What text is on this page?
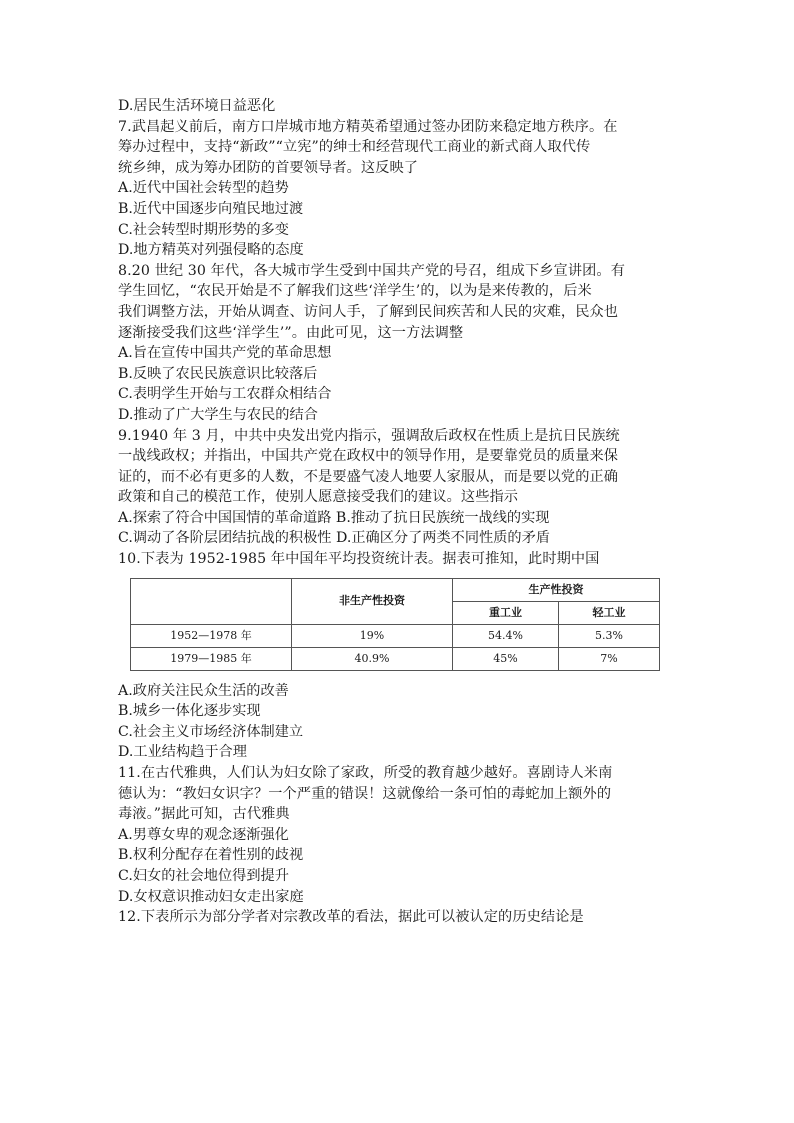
D.居民生活环境日益恶化
7.武昌起义前后，南方口岸城市地方精英希望通过签办团防来稳定地方秩序。在
筹办过程中，支持“新政”“立宪”的绅士和经营现代工商业的新式商人取代传
统乡绅，成为筹办团防的首要领导者。这反映了
A.近代中国社会转型的趋势
B.近代中国逐步向殖民地过渡
C.社会转型时期形势的多变
D.地方精英对列强侵略的态度
8.20 世纪 30 年代，各大城市学生受到中国共产党的号召，组成下乡宣讲团。有
学生回忆，“农民开始是不了解我们这些‘洋学生’的，以为是来传教的，后米
我们调整方法，开始从调查、访问人手，了解到民间疾苦和人民的灾难，民众也
逐渐接受我们这些‘洋学生’”。由此可见，这一方法调整
A.旨在宣传中国共产党的革命思想
B.反映了农民民族意识比较落后
C.表明学生开始与工农群众相结合
D.推动了广大学生与农民的结合
9.1940 年 3 月，中共中央发出党内指示，强调敌后政权在性质上是抗日民族统
一战线政权；并指出，中国共产党在政权中的领导作用，是要靠党员的质量来保
证的，而不必有更多的人数，不是要盛气凌人地要人家服从，而是要以党的正确
政策和自己的模范工作，使别人愿意接受我们的建议。这些指示
A.探索了符合中国国情的革命道路 B.推动了抗日民族统一战线的实现
C.调动了各阶层团结抗战的积极性 D.正确区分了两类不同性质的矛盾
10.下表为 1952-1985 年中国年平均投资统计表。据表可推知，此时期中国
	非生产性投资	生产性投资	
		重工业	轻工业
1952—1978 年	19%	54.4%	5.3%
1979—1985 年	40.9%	45%	7%
A.政府关注民众生活的改善
B.城乡一体化逐步实现
C.社会主义市场经济体制建立
D.工业结构趋于合理
11.在古代雅典，人们认为妇女除了家政，所受的教育越少越好。喜剧诗人米南
德认为：“教妇女识字？一个严重的错误！这就像给一条可怕的毒蛇加上额外的
毒液。”据此可知，古代雅典
A.男尊女卑的观念逐渐强化
B.权利分配存在着性别的歧视
C.妇女的社会地位得到提升
D.女权意识推动妇女走出家庭
12.下表所示为部分学者对宗教改革的看法，据此可以被认定的历史结论是
